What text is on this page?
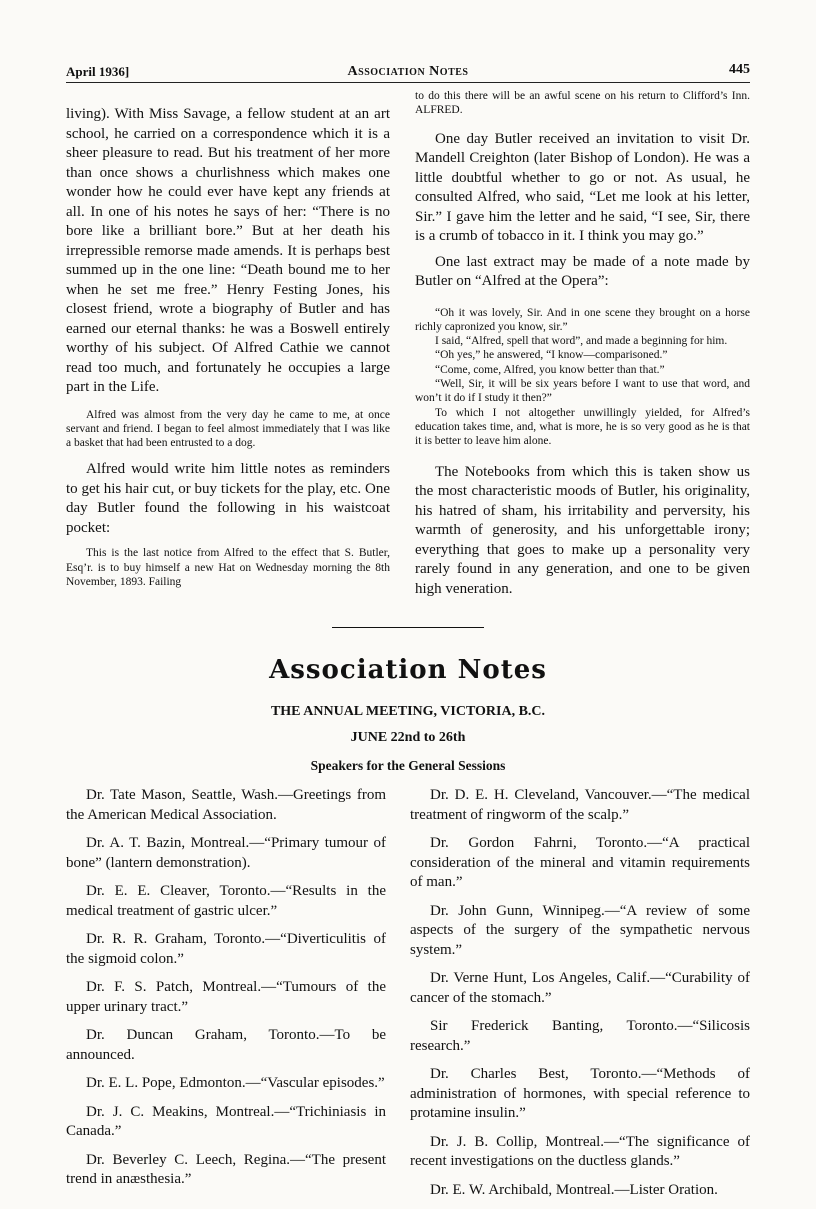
April 1936]	Association Notes	445

living). With Miss Savage, a fellow student at an art school, he carried on a correspondence which it is a sheer pleasure to read. But his treatment of her more than once shows a churlishness which makes one wonder how he could ever have kept any friends at all. In one of his notes he says of her: “There is no bore like a brilliant bore.” But at her death his irrepressible remorse made amends. It is perhaps best summed up in the one line: “Death bound me to her when he set me free.” Henry Festing Jones, his closest friend, wrote a biography of Butler and has earned our eternal thanks: he was a Boswell entirely worthy of his subject. Of Alfred Cathie we cannot read too much, and fortunately he occupies a large part in the Life.

Alfred was almost from the very day he came to me, at once servant and friend. I began to feel almost immediately that I was like a basket that had been entrusted to a dog.

Alfred would write him little notes as reminders to get his hair cut, or buy tickets for the play, etc. One day Butler found the following in his waistcoat pocket:

This is the last notice from Alfred to the effect that S. Butler, Esq’r. is to buy himself a new Hat on Wednesday morning the 8th November, 1893. Failing

to do this there will be an awful scene on his return to Clifford’s Inn. ALFRED.

One day Butler received an invitation to visit Dr. Mandell Creighton (later Bishop of London). He was a little doubtful whether to go or not. As usual, he consulted Alfred, who said, “Let me look at his letter, Sir.” I gave him the letter and he said, “I see, Sir, there is a crumb of tobacco in it. I think you may go.”

One last extract may be made of a note made by Butler on “Alfred at the Opera”:

“Oh it was lovely, Sir. And in one scene they brought on a horse richly capronized you know, sir.”

I said, “Alfred, spell that word”, and made a beginning for him.

“Oh yes,” he answered, “I know—comparisoned.”

“Come, come, Alfred, you know better than that.”

“Well, Sir, it will be six years before I want to use that word, and won’t it do if I study it then?”

To which I not altogether unwillingly yielded, for Alfred’s education takes time, and, what is more, he is so very good as he is that it is better to leave him alone.

The Notebooks from which this is taken show us the most characteristic moods of Butler, his originality, his hatred of sham, his irritability and perversity, his warmth of generosity, and his unforgettable irony; everything that goes to make up a personality very rarely found in any generation, and one to be given high veneration.

Association Notes
THE ANNUAL MEETING, VICTORIA, B.C.
JUNE 22nd to 26th
Speakers for the General Sessions

Dr. Tate Mason, Seattle, Wash.—Greetings from the American Medical Association.

Dr. A. T. Bazin, Montreal.—“Primary tumour of bone” (lantern demonstration).

Dr. E. E. Cleaver, Toronto.—“Results in the medical treatment of gastric ulcer.”

Dr. R. R. Graham, Toronto.—“Diverticulitis of the sigmoid colon.”

Dr. F. S. Patch, Montreal.—“Tumours of the upper urinary tract.”

Dr. Duncan Graham, Toronto.—To be announced.

Dr. E. L. Pope, Edmonton.—“Vascular episodes.”

Dr. J. C. Meakins, Montreal.—“Trichiniasis in Canada.”

Dr. Beverley C. Leech, Regina.—“The present trend in anæsthesia.”

Dr. D. E. H. Cleveland, Vancouver.—“The medical treatment of ringworm of the scalp.”

Dr. Gordon Fahrni, Toronto.—“A practical consideration of the mineral and vitamin requirements of man.”

Dr. John Gunn, Winnipeg.—“A review of some aspects of the surgery of the sympathetic nervous system.”

Dr. Verne Hunt, Los Angeles, Calif.—“Curability of cancer of the stomach.”

Sir Frederick Banting, Toronto.—“Silicosis research.”

Dr. Charles Best, Toronto.—“Methods of administration of hormones, with special reference to protamine insulin.”

Dr. J. B. Collip, Montreal.—“The significance of recent investigations on the ductless glands.”

Dr. E. W. Archibald, Montreal.—Lister Oration.
